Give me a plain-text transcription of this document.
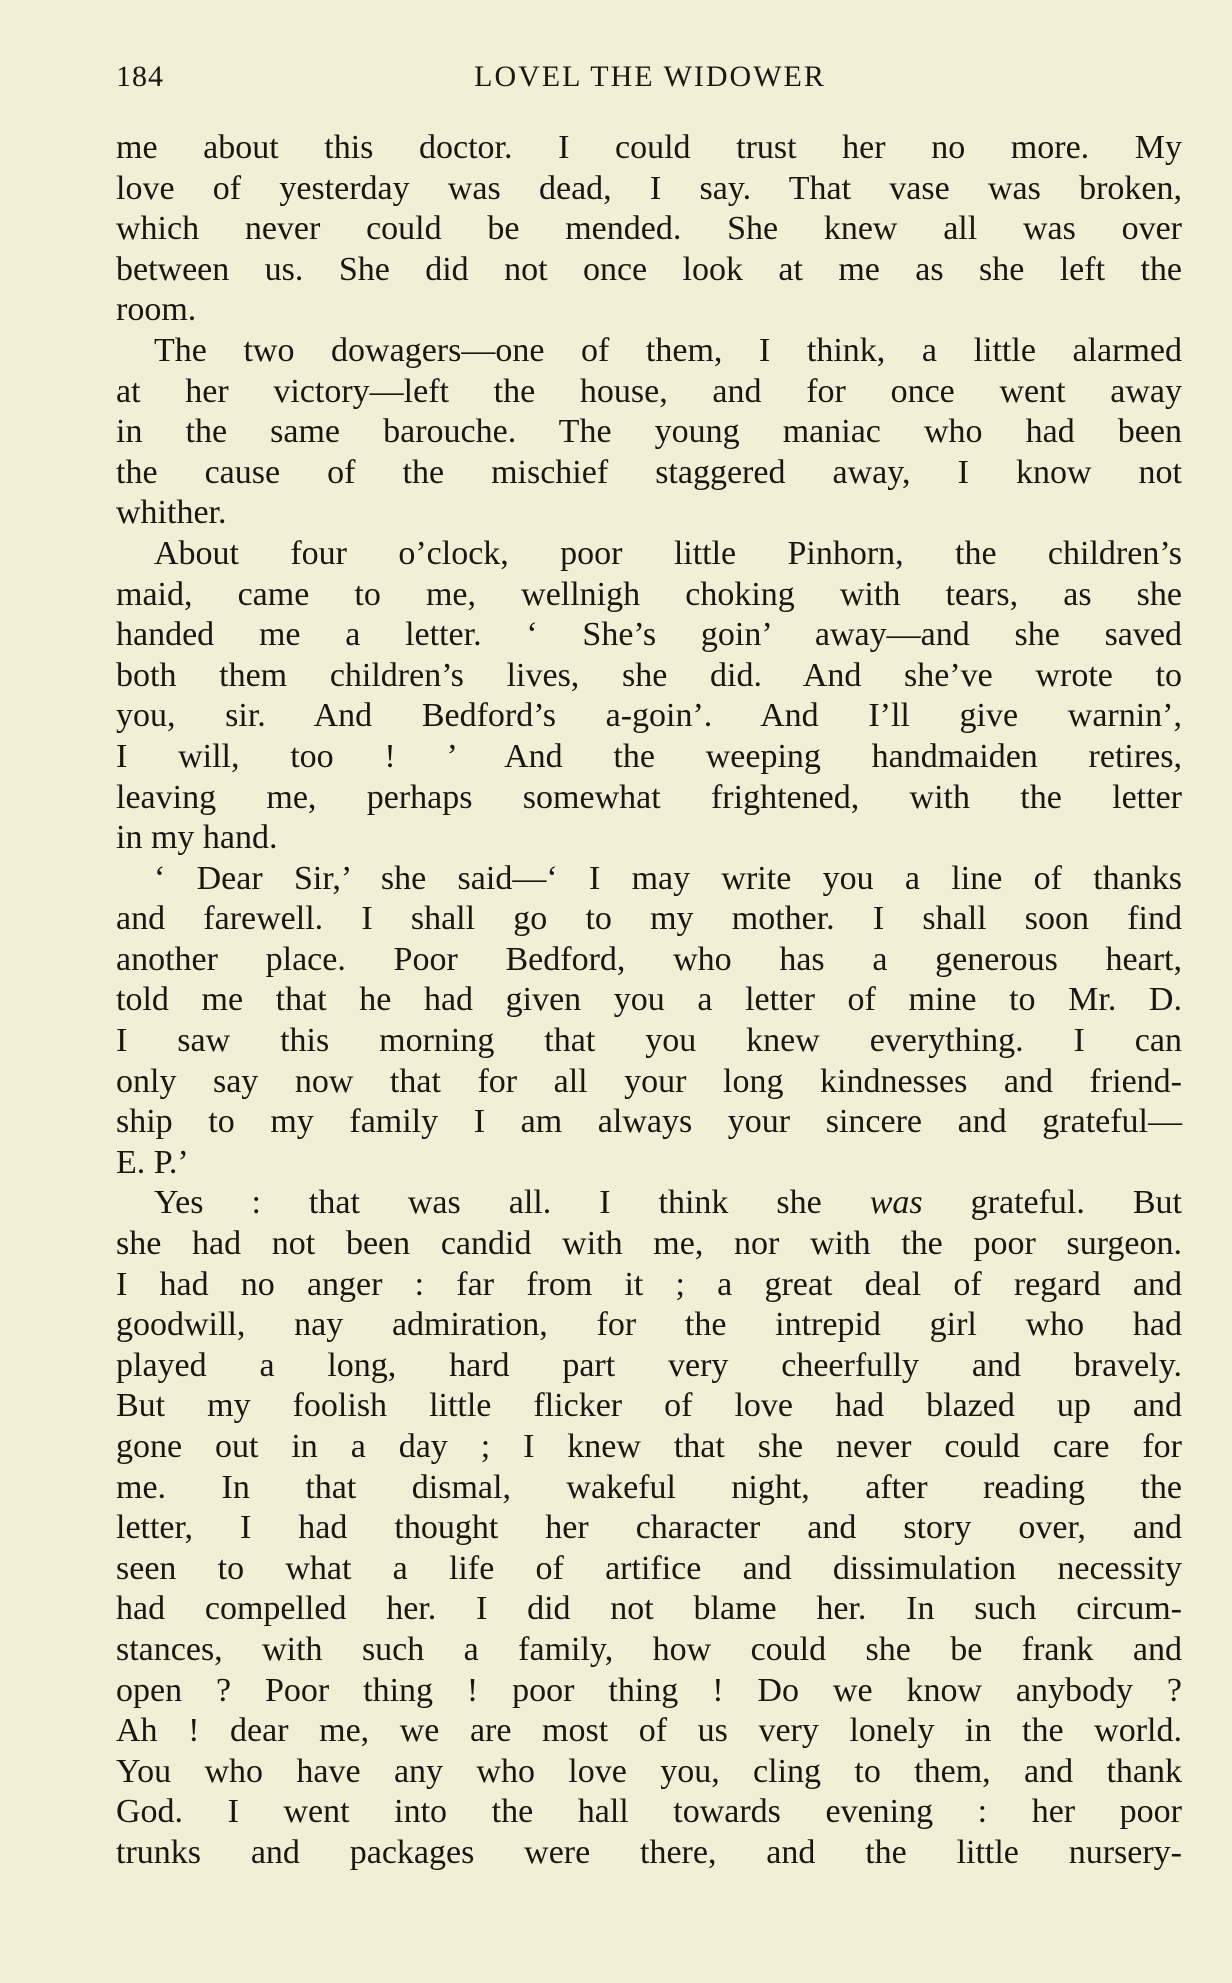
184	LOVEL THE WIDOWER
me about this doctor. I could trust her no more. My
love of yesterday was dead, I say. That vase was broken,
which never could be mended. She knew all was over
between us. She did not once look at me as she left the
room.
The two dowagers—one of them, I think, a little alarmed
at her victory—left the house, and for once went away
in the same barouche. The young maniac who had been
the cause of the mischief staggered away, I know not
whither.
About four o’clock, poor little Pinhorn, the children’s
maid, came to me, wellnigh choking with tears, as she
handed me a letter. ‘ She’s goin’ away—and she saved
both them children’s lives, she did. And she’ve wrote to
you, sir. And Bedford’s a-goin’. And I’ll give warnin’,
I will, too ! ’ And the weeping handmaiden retires,
leaving me, perhaps somewhat frightened, with the letter
in my hand.
‘ Dear Sir,’ she said—‘ I may write you a line of thanks
and farewell. I shall go to my mother. I shall soon find
another place. Poor Bedford, who has a generous heart,
told me that he had given you a letter of mine to Mr. D.
I saw this morning that you knew everything. I can
only say now that for all your long kindnesses and friend-
ship to my family I am always your sincere and grateful—
E. P.’
Yes : that was all. I think she was grateful. But
she had not been candid with me, nor with the poor surgeon.
I had no anger : far from it ; a great deal of regard and
goodwill, nay admiration, for the intrepid girl who had
played a long, hard part very cheerfully and bravely.
But my foolish little flicker of love had blazed up and
gone out in a day ; I knew that she never could care for
me. In that dismal, wakeful night, after reading the
letter, I had thought her character and story over, and
seen to what a life of artifice and dissimulation necessity
had compelled her. I did not blame her. In such circum-
stances, with such a family, how could she be frank and
open ? Poor thing ! poor thing ! Do we know anybody ?
Ah ! dear me, we are most of us very lonely in the world.
You who have any who love you, cling to them, and thank
God. I went into the hall towards evening : her poor
trunks and packages were there, and the little nursery-
